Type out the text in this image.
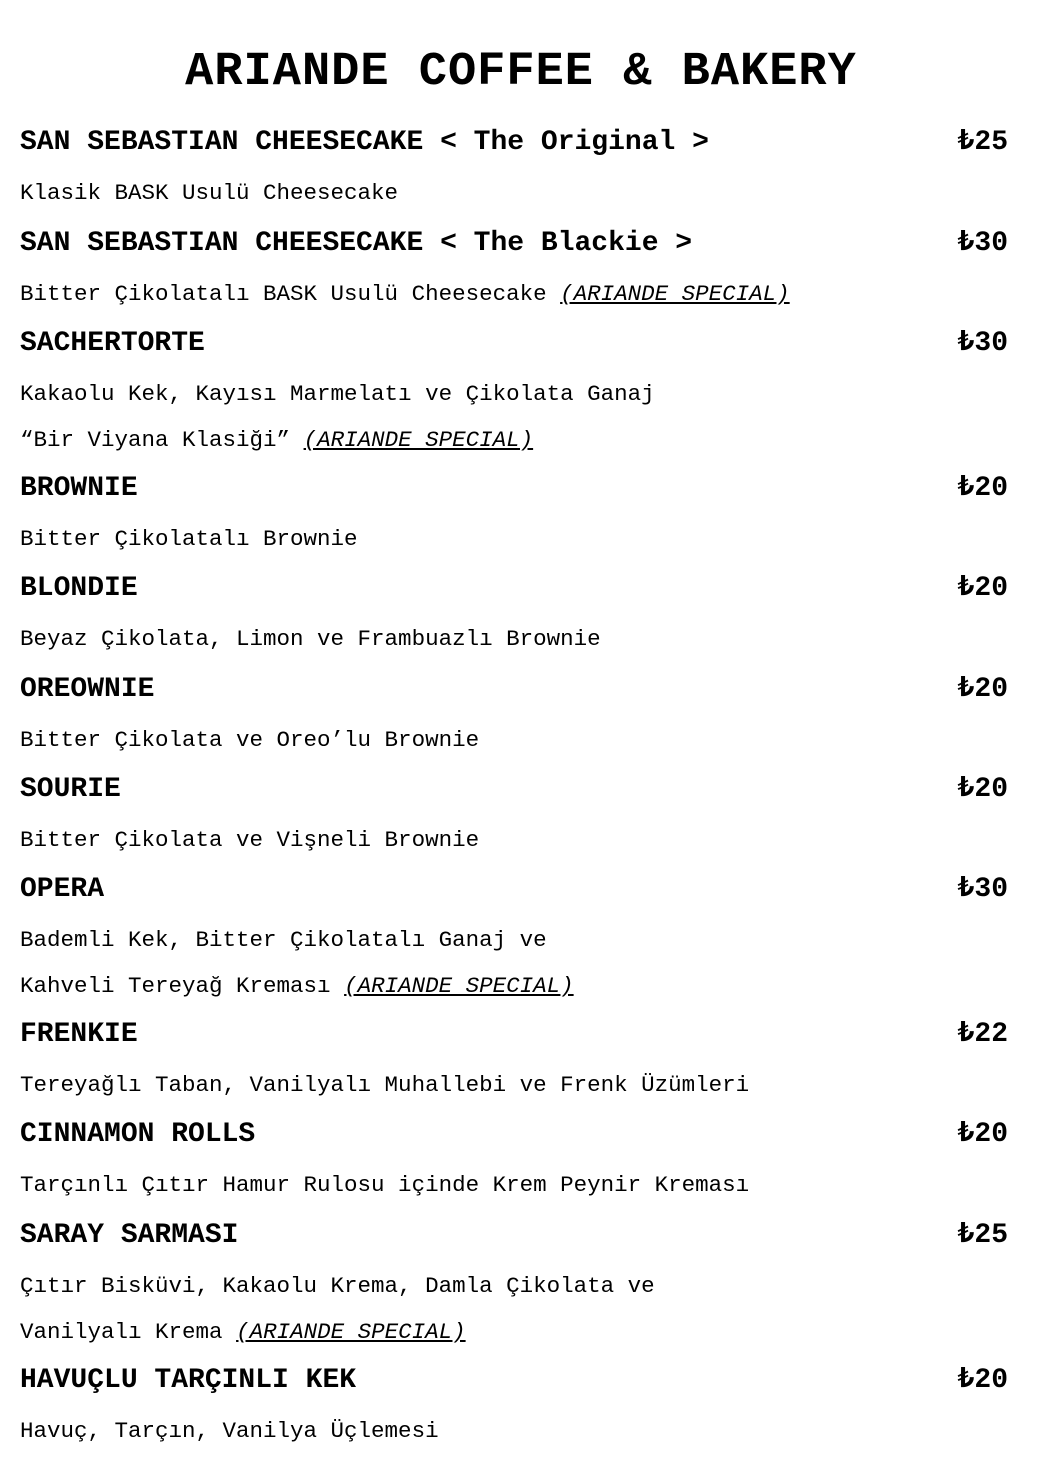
ARIANDE COFFEE & BAKERY
SAN SEBASTIAN CHEESECAKE < The Original >	₺25
Klasik BASK Usulü Cheesecake
SAN SEBASTIAN CHEESECAKE < The Blackie >	₺30
Bitter Çikolatalı BASK Usulü Cheesecake (ARIANDE SPECIAL)
SACHERTORTE	₺30
Kakaolu Kek, Kayısı Marmelatı ve Çikolata Ganaj
“Bir Viyana Klasiği” (ARIANDE SPECIAL)
BROWNIE	₺20
Bitter Çikolatalı Brownie
BLONDIE	₺20
Beyaz Çikolata, Limon ve Frambuazlı Brownie
OREOWNIE	₺20
Bitter Çikolata ve Oreo’lu Brownie
SOURIE	₺20
Bitter Çikolata ve Vişneli Brownie
OPERA	₺30
Bademli Kek, Bitter Çikolatalı Ganaj ve
Kahveli Tereyağ Kreması (ARIANDE SPECIAL)
FRENKIE	₺22
Tereyağlı Taban, Vanilyalı Muhallebi ve Frenk Üzümleri
CINNAMON ROLLS	₺20
Tarçınlı Çıtır Hamur Rulosu içinde Krem Peynir Kreması
SARAY SARMASI	₺25
Çıtır Bisküvi, Kakaolu Krema, Damla Çikolata ve
Vanilyalı Krema (ARIANDE SPECIAL)
HAVUÇLU TARÇINLI KEK	₺20
Havuç, Tarçın, Vanilya Üçlemesi
